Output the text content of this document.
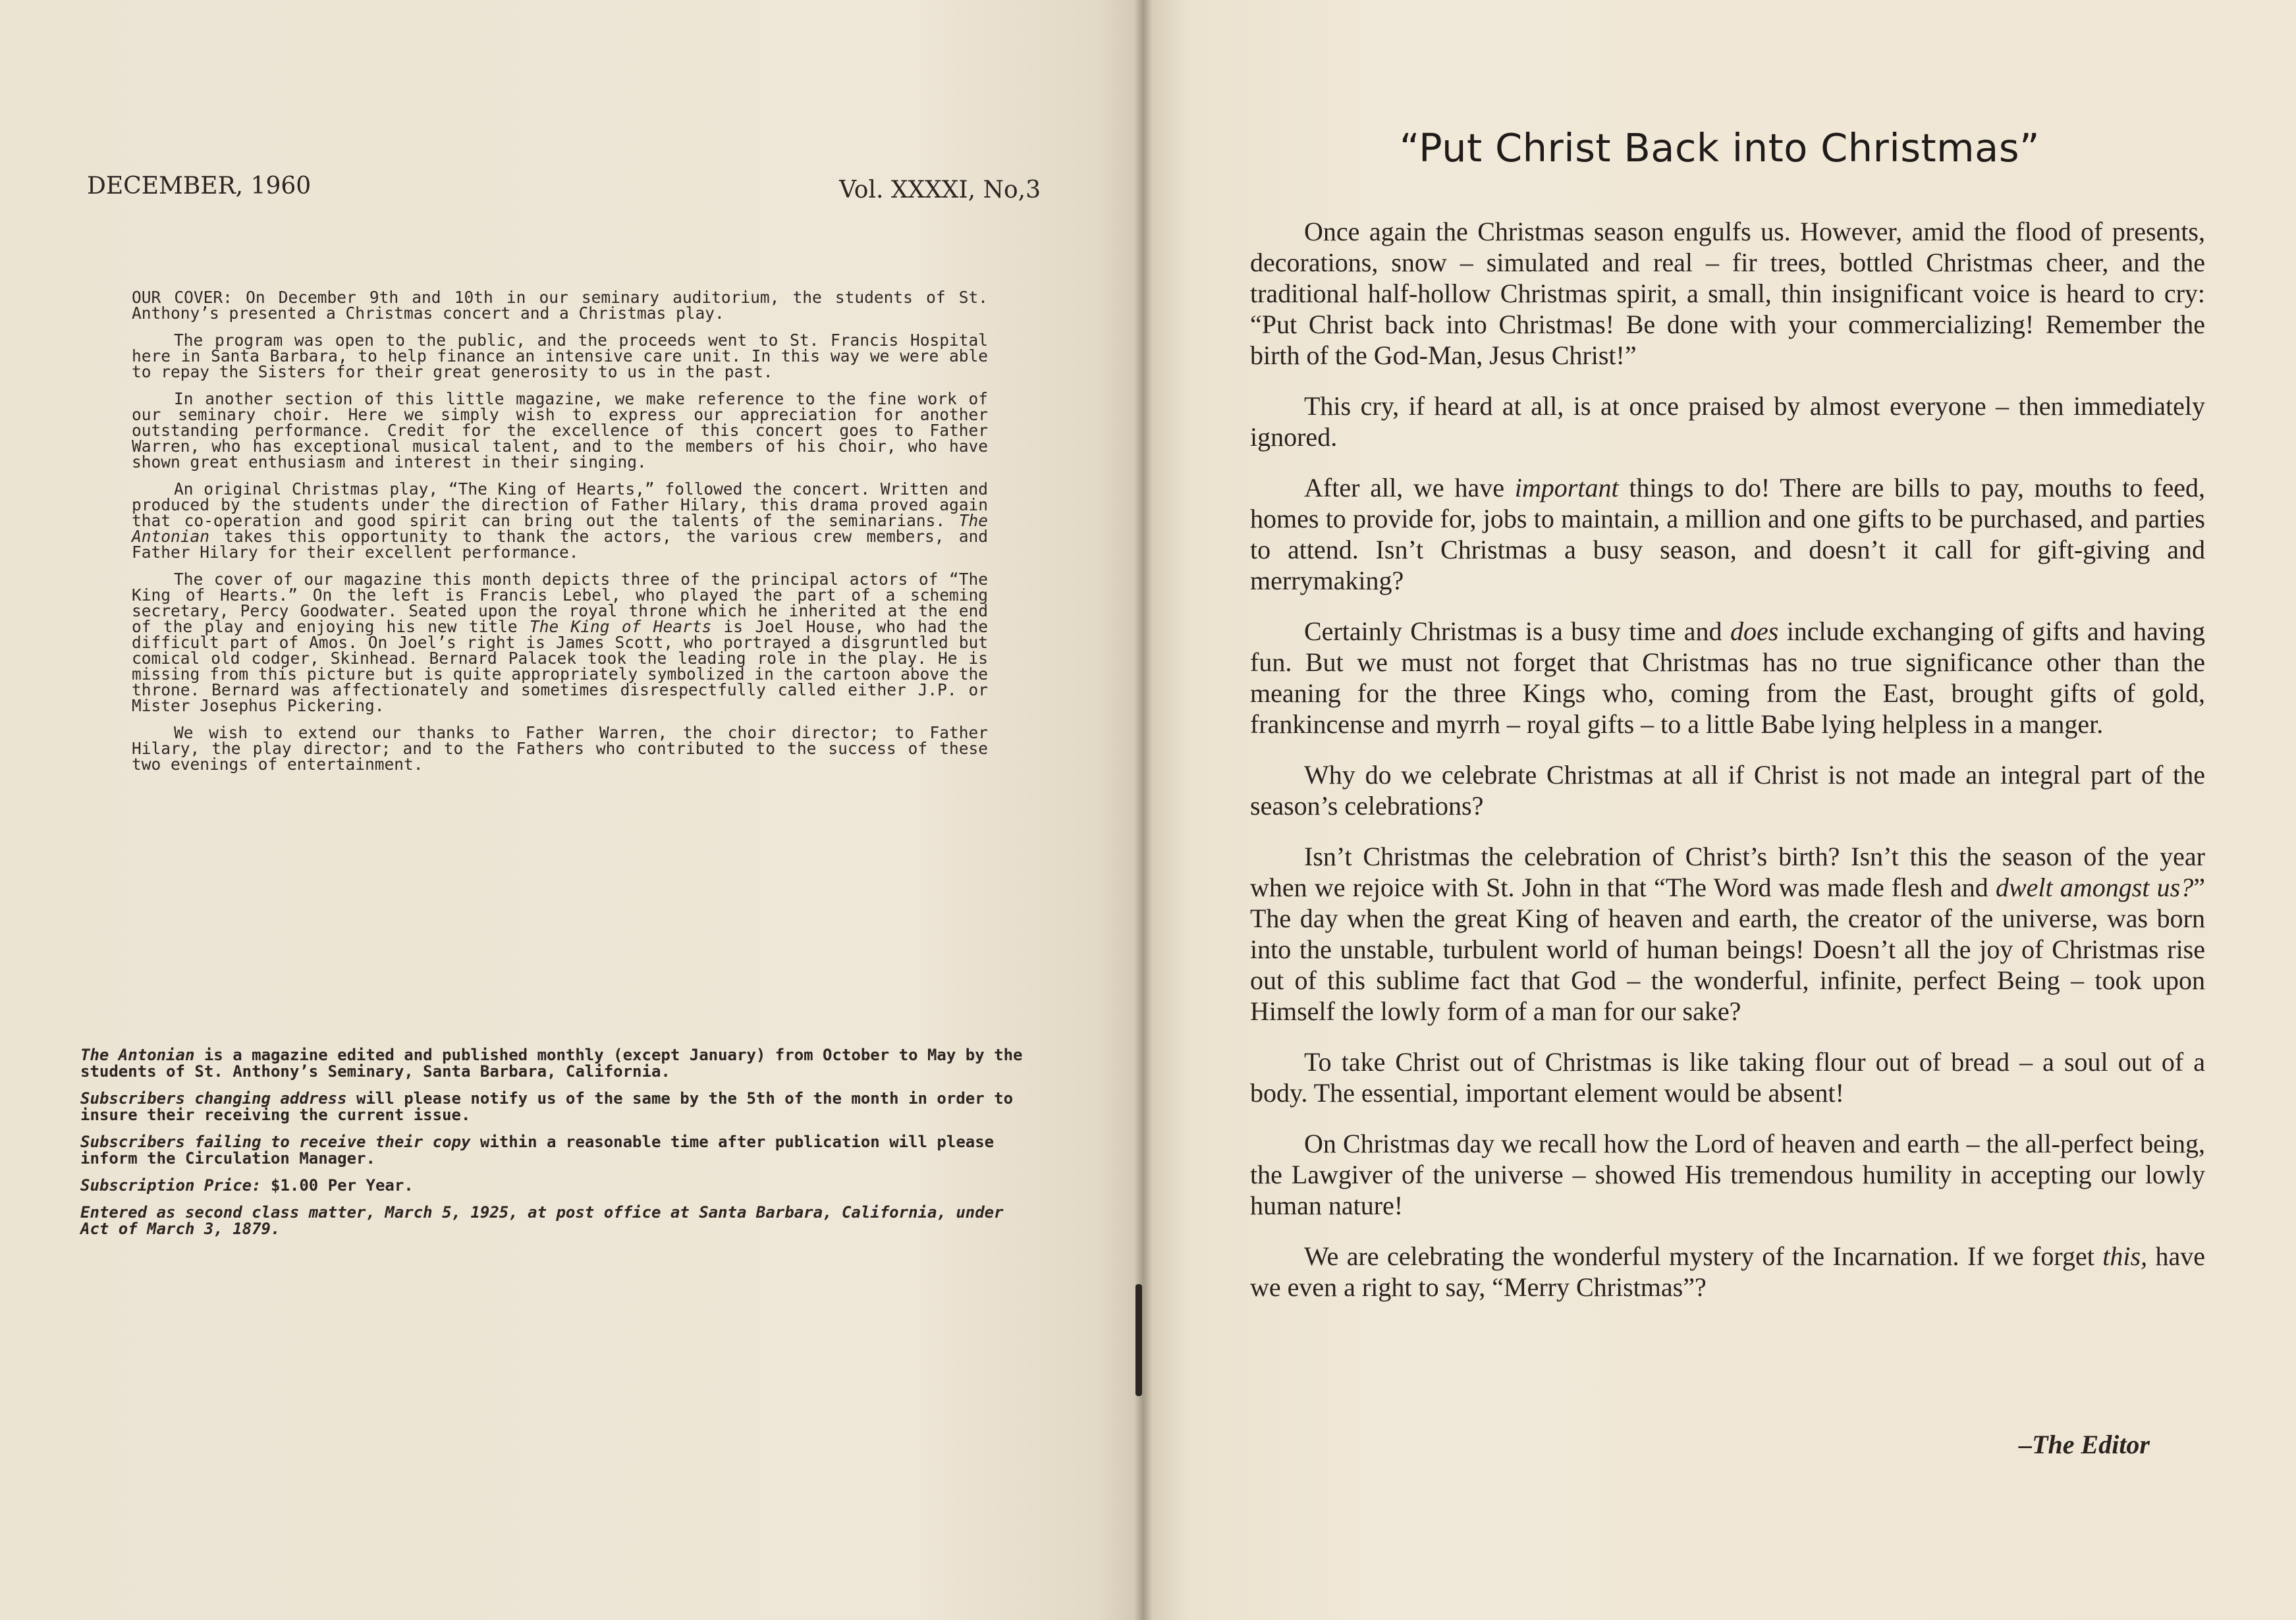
DECEMBER, 1960	Vol. XXXXI, No,3

OUR COVER: On December 9th and 10th in our seminary auditorium, the students of St. Anthony’s presented a Christmas concert and a Christmas play.

The program was open to the public, and the proceeds went to St. Francis Hospital here in Santa Barbara, to help finance an intensive care unit. In this way we were able to repay the Sisters for their great generosity to us in the past.

In another section of this little magazine, we make reference to the fine work of our seminary choir. Here we simply wish to express our appreciation for another outstanding performance. Credit for the excellence of this concert goes to Father Warren, who has exceptional musical talent, and to the members of his choir, who have shown great enthusiasm and interest in their singing.

An original Christmas play, “The King of Hearts,” followed the concert. Written and produced by the students under the direction of Father Hilary, this drama proved again that co-operation and good spirit can bring out the talents of the seminarians. The Antonian takes this opportunity to thank the actors, the various crew members, and Father Hilary for their excellent performance.

The cover of our magazine this month depicts three of the principal actors of “The King of Hearts.” On the left is Francis Lebel, who played the part of a scheming secretary, Percy Goodwater. Seated upon the royal throne which he inherited at the end of the play and enjoying his new title The King of Hearts is Joel House, who had the difficult part of Amos. On Joel’s right is James Scott, who portrayed a disgruntled but comical old codger, Skinhead. Bernard Palacek took the leading role in the play. He is missing from this picture but is quite appropriately symbolized in the cartoon above the throne. Bernard was affectionately and sometimes disrespectfully called either J.P. or Mister Josephus Pickering.

We wish to extend our thanks to Father Warren, the choir director; to Father Hilary, the play director; and to the Fathers who contributed to the success of these two evenings of entertainment.

The Antonian is a magazine edited and published monthly (except January) from October to May by the students of St. Anthony’s Seminary, Santa Barbara, California.

Subscribers changing address will please notify us of the same by the 5th of the month in order to insure their receiving the current issue.

Subscribers failing to receive their copy within a reasonable time after publication will please inform the Circulation Manager.

Subscription Price: $1.00 Per Year.

Entered as second class matter, March 5, 1925, at post office at Santa Barbara, California, under Act of March 3, 1879.

“Put Christ Back into Christmas”

Once again the Christmas season engulfs us. However, amid the flood of presents, decorations, snow – simulated and real – fir trees, bottled Christmas cheer, and the traditional half-hollow Christmas spirit, a small, thin insignificant voice is heard to cry: “Put Christ back into Christmas! Be done with your commercializing! Remember the birth of the God-Man, Jesus Christ!”

This cry, if heard at all, is at once praised by almost everyone – then immediately ignored.

After all, we have important things to do! There are bills to pay, mouths to feed, homes to provide for, jobs to maintain, a million and one gifts to be purchased, and parties to attend. Isn’t Christmas a busy season, and doesn’t it call for gift-giving and merrymaking?

Certainly Christmas is a busy time and does include exchanging of gifts and having fun. But we must not forget that Christmas has no true significance other than the meaning for the three Kings who, coming from the East, brought gifts of gold, frankincense and myrrh – royal gifts – to a little Babe lying helpless in a manger.

Why do we celebrate Christmas at all if Christ is not made an integral part of the season’s celebrations?

Isn’t Christmas the celebration of Christ’s birth? Isn’t this the season of the year when we rejoice with St. John in that “The Word was made flesh and dwelt amongst us?” The day when the great King of heaven and earth, the creator of the universe, was born into the unstable, turbulent world of human beings! Doesn’t all the joy of Christmas rise out of this sublime fact that God – the wonderful, infinite, perfect Being – took upon Himself the lowly form of a man for our sake?

To take Christ out of Christmas is like taking flour out of bread – a soul out of a body. The essential, important element would be absent!

On Christmas day we recall how the Lord of heaven and earth – the all-perfect being, the Lawgiver of the universe – showed His tremendous humility in accepting our lowly human nature!

We are celebrating the wonderful mystery of the Incarnation. If we forget this, have we even a right to say, “Merry Christmas”?

–The Editor
